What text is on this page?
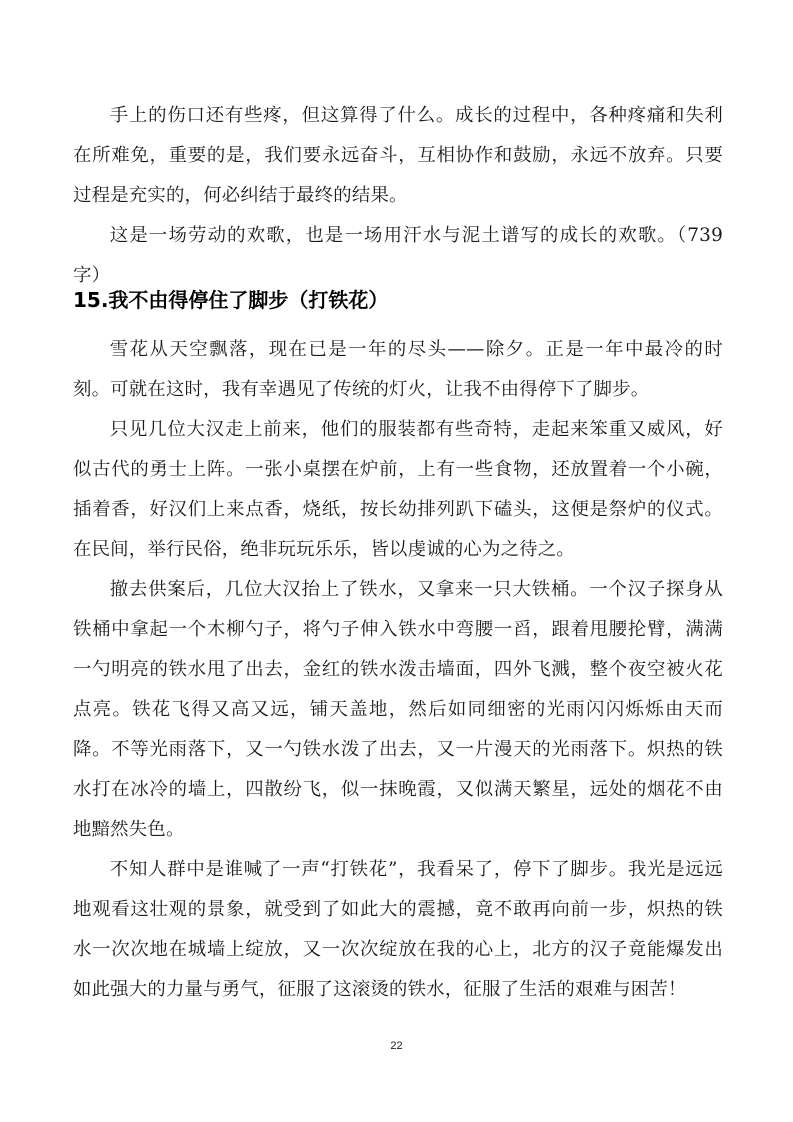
手上的伤口还有些疼，但这算得了什么。成长的过程中，各种疼痛和失利在所难免，重要的是，我们要永远奋斗，互相协作和鼓励，永远不放弃。只要过程是充实的，何必纠结于最终的结果。

这是一场劳动的欢歌，也是一场用汗水与泥土谱写的成长的欢歌。（739 字）

15.我不由得停住了脚步（打铁花）

雪花从天空飘落，现在已是一年的尽头——除夕。正是一年中最冷的时刻。可就在这时，我有幸遇见了传统的灯火，让我不由得停下了脚步。

只见几位大汉走上前来，他们的服装都有些奇特，走起来笨重又威风，好似古代的勇士上阵。一张小桌摆在炉前，上有一些食物，还放置着一个小碗，插着香，好汉们上来点香，烧纸，按长幼排列趴下磕头，这便是祭炉的仪式。在民间，举行民俗，绝非玩玩乐乐，皆以虔诚的心为之待之。

撤去供案后，几位大汉抬上了铁水，又拿来一只大铁桶。一个汉子探身从铁桶中拿起一个木柳勺子，将勺子伸入铁水中弯腰一舀，跟着甩腰抡臂，满满一勺明亮的铁水甩了出去，金红的铁水泼击墙面，四外飞溅，整个夜空被火花点亮。铁花飞得又高又远，铺天盖地，然后如同细密的光雨闪闪烁烁由天而降。不等光雨落下，又一勺铁水泼了出去，又一片漫天的光雨落下。炽热的铁水打在冰冷的墙上，四散纷飞，似一抹晚霞，又似满天繁星，远处的烟花不由地黯然失色。

不知人群中是谁喊了一声“打铁花”，我看呆了，停下了脚步。我光是远远地观看这壮观的景象，就受到了如此大的震撼，竟不敢再向前一步，炽热的铁水一次次地在城墙上绽放，又一次次绽放在我的心上，北方的汉子竟能爆发出如此强大的力量与勇气，征服了这滚烫的铁水，征服了生活的艰难与困苦！

22
